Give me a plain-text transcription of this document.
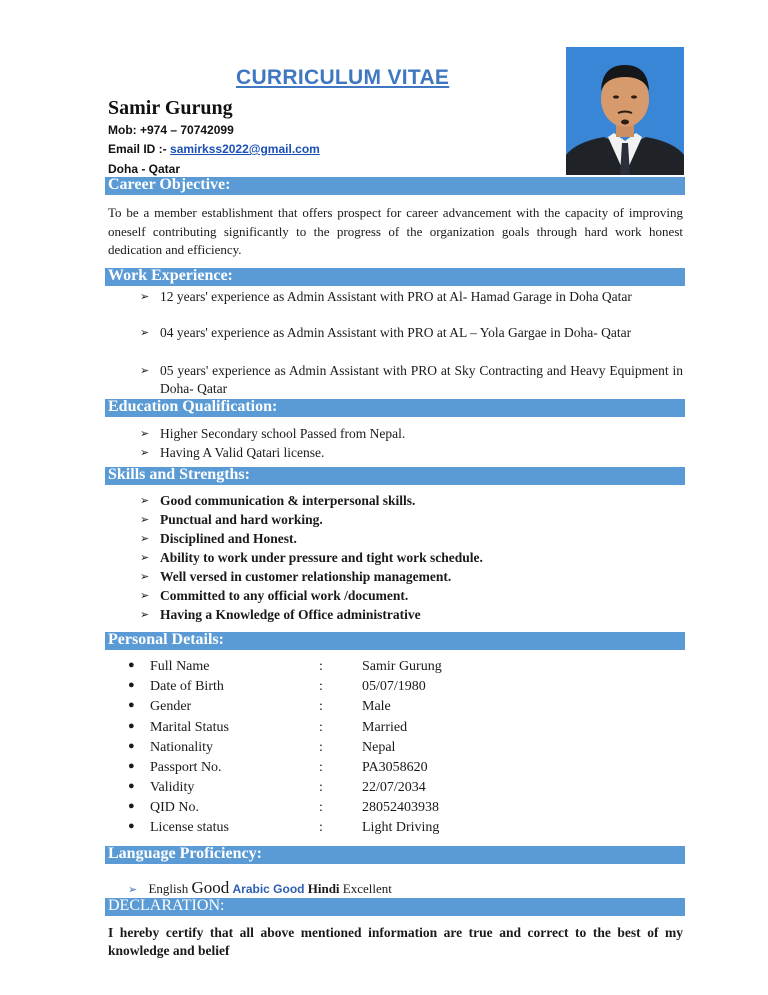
CURRICULUM VITAE
Samir Gurung
Mob: +974 – 70742099
Email ID :- samirkss2022@gmail.com
Doha - Qatar
Career Objective:
To be a member establishment that offers prospect for career advancement with the capacity of improving oneself contributing significantly to the progress of the organization goals through hard work honest dedication and efficiency.
Work Experience:
➢ 12 years' experience as Admin Assistant with PRO at Al- Hamad Garage in Doha Qatar
➢ 04 years' experience as Admin Assistant with PRO at AL – Yola Gargae in Doha- Qatar
➢ 05 years' experience as Admin Assistant with PRO at Sky Contracting and Heavy Equipment in Doha- Qatar
Education Qualification:
➢ Higher Secondary school Passed from Nepal.
➢ Having A Valid Qatari license.
Skills and Strengths:
➢ Good communication & interpersonal skills.
➢ Punctual and hard working.
➢ Disciplined and Honest.
➢ Ability to work under pressure and tight work schedule.
➢ Well versed in customer relationship management.
➢ Committed to any official work /document.
➢ Having a Knowledge of Office administrative
Personal Details:
● Full Name	:	Samir Gurung
● Date of Birth	:	05/07/1980
● Gender	:	Male
● Marital Status	:	Married
● Nationality	:	Nepal
● Passport No.	:	PA3058620
● Validity	:	22/07/2034
● QID No.	:	28052403938
● License status	:	Light Driving
Language Proficiency:
➢ English Good Arabic Good Hindi Excellent
DECLARATION:
I hereby certify that all above mentioned information are true and correct to the best of my knowledge and belief
